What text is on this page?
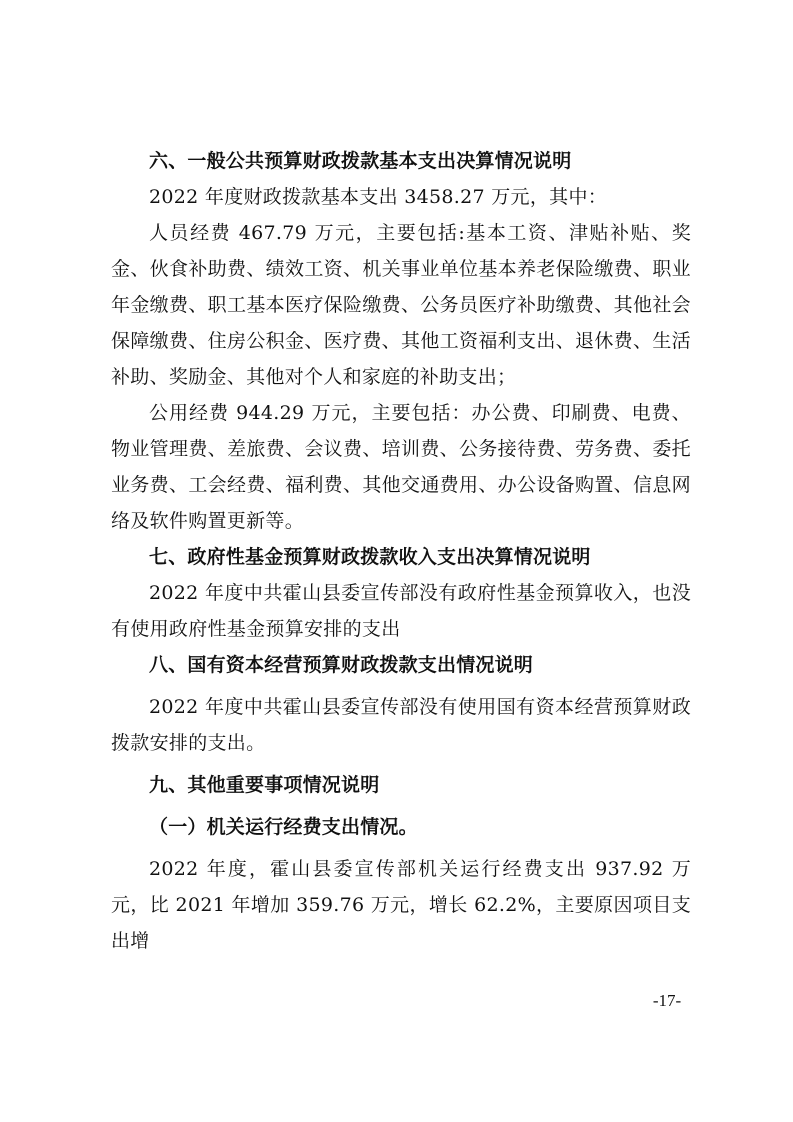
六、一般公共预算财政拨款基本支出决算情况说明

2022 年度财政拨款基本支出 3458.27 万元，其中：

人员经费 467.79 万元，主要包括:基本工资、津贴补贴、奖金、伙食补助费、绩效工资、机关事业单位基本养老保险缴费、职业年金缴费、职工基本医疗保险缴费、公务员医疗补助缴费、其他社会保障缴费、住房公积金、医疗费、其他工资福利支出、退休费、生活补助、奖励金、其他对个人和家庭的补助支出；

公用经费 944.29 万元，主要包括：办公费、印刷费、电费、物业管理费、差旅费、会议费、培训费、公务接待费、劳务费、委托业务费、工会经费、福利费、其他交通费用、办公设备购置、信息网络及软件购置更新等。

七、政府性基金预算财政拨款收入支出决算情况说明

2022 年度中共霍山县委宣传部没有政府性基金预算收入，也没有使用政府性基金预算安排的支出

八、国有资本经营预算财政拨款支出情况说明

2022 年度中共霍山县委宣传部没有使用国有资本经营预算财政拨款安排的支出。

九、其他重要事项情况说明
（一）机关运行经费支出情况。

2022 年度，霍山县委宣传部机关运行经费支出 937.92 万元，比 2021 年增加 359.76 万元，增长 62.2%，主要原因项目支出增

-17-
